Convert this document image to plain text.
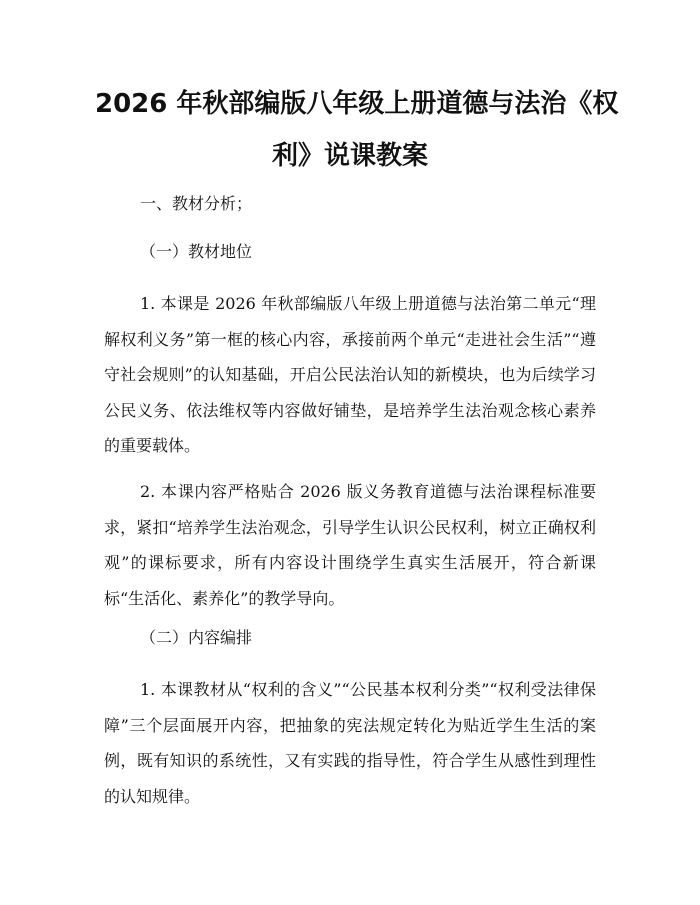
2026 年秋部编版八年级上册道德与法治《权
利》说课教案

一、教材分析；

（一）教材地位

1. 本课是 2026 年秋部编版八年级上册道德与法治第二单元“理解权利义务”第一框的核心内容，承接前两个单元“走进社会生活”“遵守社会规则”的认知基础，开启公民法治认知的新模块，也为后续学习公民义务、依法维权等内容做好铺垫，是培养学生法治观念核心素养的重要载体。

2. 本课内容严格贴合 2026 版义务教育道德与法治课程标准要求，紧扣“培养学生法治观念，引导学生认识公民权利，树立正确权利观”的课标要求，所有内容设计围绕学生真实生活展开，符合新课标“生活化、素养化”的教学导向。

（二）内容编排

1. 本课教材从“权利的含义”“公民基本权利分类”“权利受法律保障”三个层面展开内容，把抽象的宪法规定转化为贴近学生生活的案例，既有知识的系统性，又有实践的指导性，符合学生从感性到理性的认知规律。
